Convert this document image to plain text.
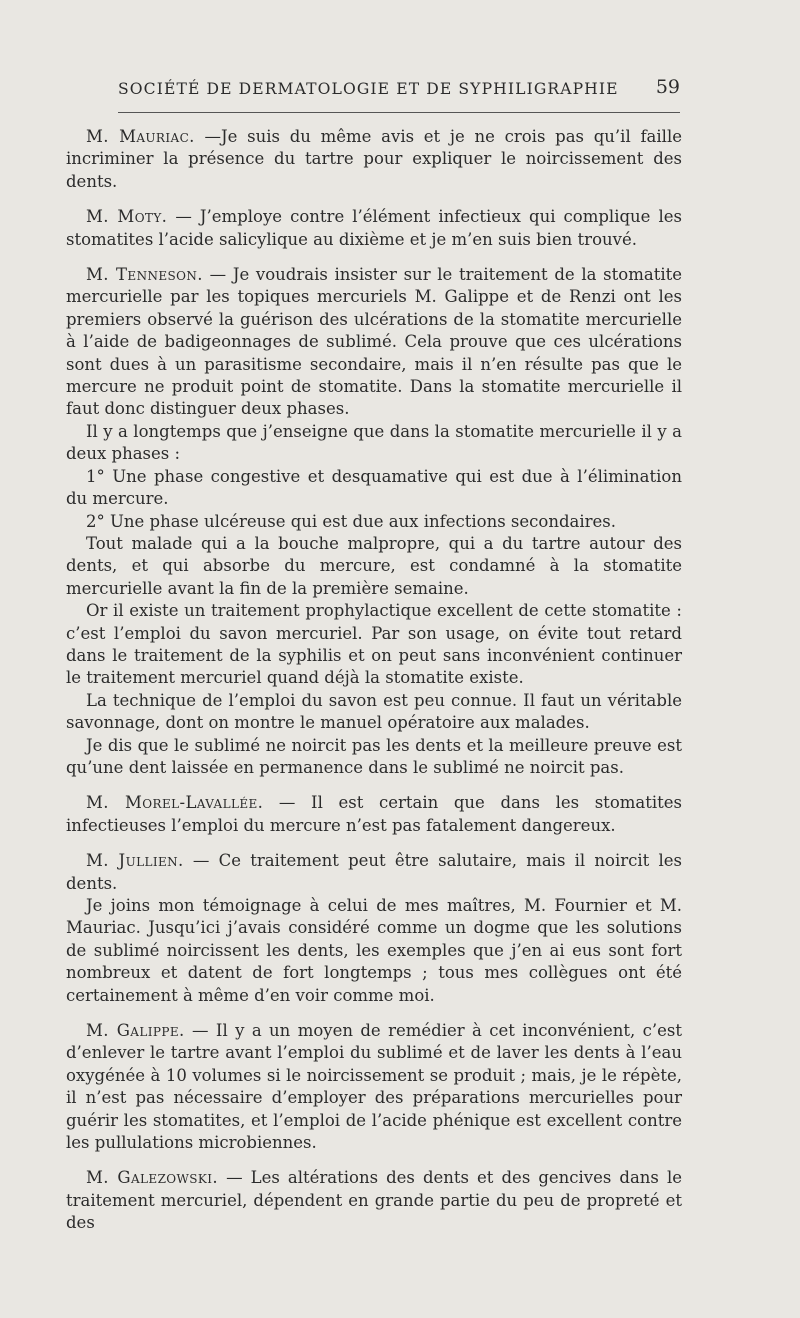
SOCIÉTÉ DE DERMATOLOGIE ET DE SYPHILIGRAPHIE 59

M. Mauriac. —Je suis du même avis et je ne crois pas qu’il faille incriminer la présence du tartre pour expliquer le noircissement des dents.

M. Moty. — J’employe contre l’élément infectieux qui complique les stomatites l’acide salicylique au dixième et je m’en suis bien trouvé.

M. Tenneson. — Je voudrais insister sur le traitement de la stomatite mercurielle par les topiques mercuriels M. Galippe et de Renzi ont les premiers observé la guérison des ulcérations de la stomatite mercurielle à l’aide de badigeonnages de sublimé. Cela prouve que ces ulcérations sont dues à un parasitisme secondaire, mais il n’en résulte pas que le mercure ne produit point de stomatite. Dans la stomatite mercurielle il faut donc distinguer deux phases.

Il y a longtemps que j’enseigne que dans la stomatite mercurielle il y a deux phases :

1° Une phase congestive et desquamative qui est due à l’élimination du mercure.

2° Une phase ulcéreuse qui est due aux infections secondaires.

Tout malade qui a la bouche malpropre, qui a du tartre autour des dents, et qui absorbe du mercure, est condamné à la stomatite mercurielle avant la fin de la première semaine.

Or il existe un traitement prophylactique excellent de cette stomatite : c’est l’emploi du savon mercuriel. Par son usage, on évite tout retard dans le traitement de la syphilis et on peut sans inconvénient continuer le traitement mercuriel quand déjà la stomatite existe.

La technique de l’emploi du savon est peu connue. Il faut un véritable savonnage, dont on montre le manuel opératoire aux malades.

Je dis que le sublimé ne noircit pas les dents et la meilleure preuve est qu’une dent laissée en permanence dans le sublimé ne noircit pas.

M. Morel-Lavallée. — Il est certain que dans les stomatites infectieuses l’emploi du mercure n’est pas fatalement dangereux.

M. Jullien. — Ce traitement peut être salutaire, mais il noircit les dents.

Je joins mon témoignage à celui de mes maîtres, M. Fournier et M. Mauriac. Jusqu’ici j’avais considéré comme un dogme que les solutions de sublimé noircissent les dents, les exemples que j’en ai eus sont fort nombreux et datent de fort longtemps ; tous mes collègues ont été certainement à même d’en voir comme moi.

M. Galippe. — Il y a un moyen de remédier à cet inconvénient, c’est d’enlever le tartre avant l’emploi du sublimé et de laver les dents à l’eau oxygénée à 10 volumes si le noircissement se produit ; mais, je le répète, il n’est pas nécessaire d’employer des préparations mercurielles pour guérir les stomatites, et l’emploi de l’acide phénique est excellent contre les pullulations microbiennes.

M. Galezowski. — Les altérations des dents et des gencives dans le traitement mercuriel, dépendent en grande partie du peu de propreté et des
